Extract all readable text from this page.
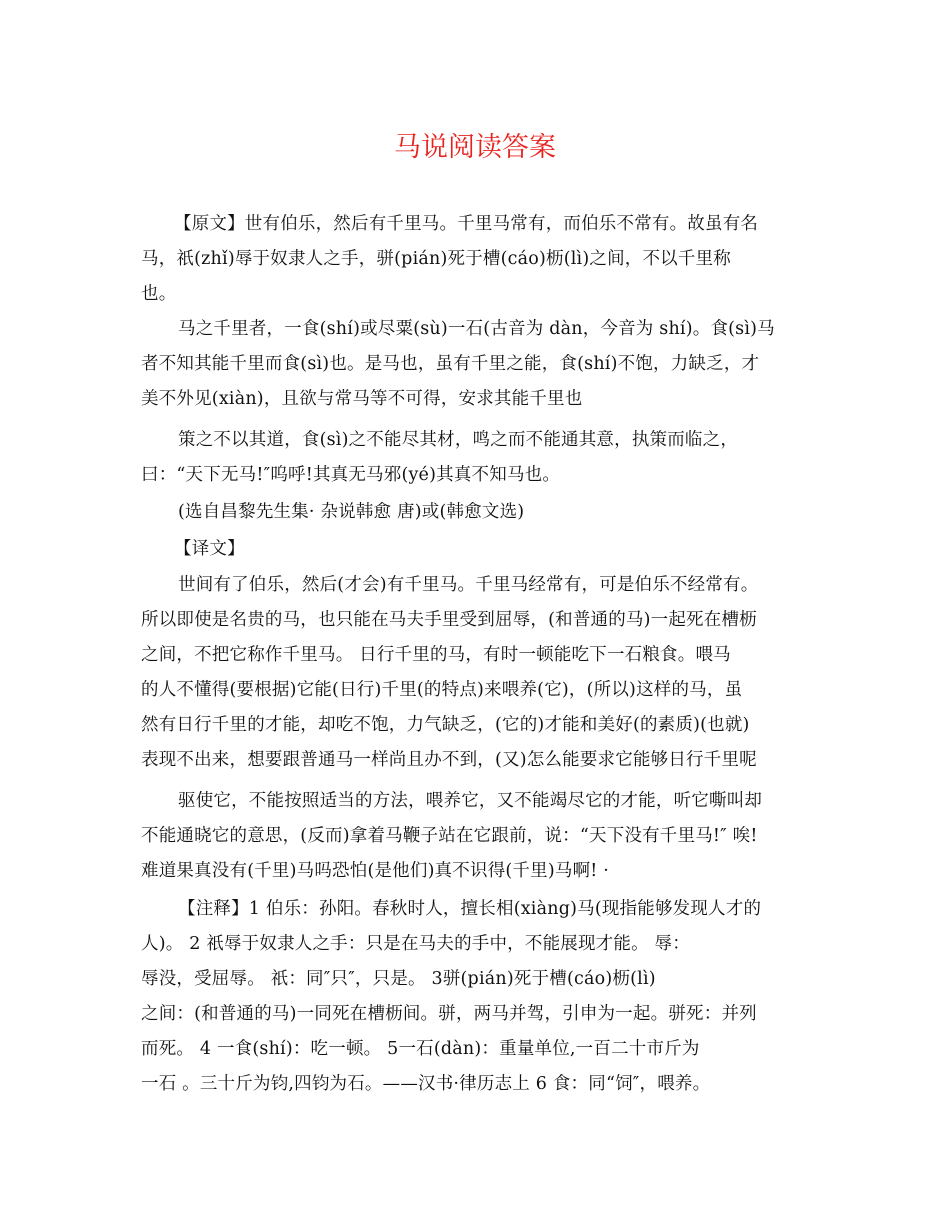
马说阅读答案
【原文】世有伯乐，然后有千里马。千里马常有，而伯乐不常有。故虽有名
马，祇(zhǐ)辱于奴隶人之手，骈(pián)死于槽(cáo)枥(lì)之间，不以千里称
也。
马之千里者，一食(shí)或尽粟(sù)一石(古音为 dàn，今音为 shí)。食(sì)马
者不知其能千里而食(sì)也。是马也，虽有千里之能，食(shí)不饱，力缺乏，才
美不外见(xiàn)，且欲与常马等不可得，安求其能千里也
策之不以其道，食(sì)之不能尽其材，鸣之而不能通其意，执策而临之，
曰：“天下无马!″呜呼!其真无马邪(yé)其真不知马也。
(选自昌黎先生集· 杂说韩愈 唐)或(韩愈文选)
【译文】
世间有了伯乐，然后(才会)有千里马。千里马经常有，可是伯乐不经常有。
所以即使是名贵的马，也只能在马夫手里受到屈辱，(和普通的马)一起死在槽枥
之间，不把它称作千里马。 日行千里的马，有时一顿能吃下一石粮食。喂马
的人不懂得(要根据)它能(日行)千里(的特点)来喂养(它)，(所以)这样的马，虽
然有日行千里的才能，却吃不饱，力气缺乏，(它的)才能和美好(的素质)(也就)
表现不出来，想要跟普通马一样尚且办不到，(又)怎么能要求它能够日行千里呢
驱使它，不能按照适当的方法，喂养它，又不能竭尽它的才能，听它嘶叫却
不能通晓它的意思，(反而)拿着马鞭子站在它跟前，说：“天下没有千里马!″ 唉!
难道果真没有(千里)马吗恐怕(是他们)真不识得(千里)马啊! ·
【注释】1 伯乐：孙阳。春秋时人，擅长相(xiàng)马(现指能够发现人才的
人)。 2 祇辱于奴隶人之手：只是在马夫的手中，不能展现才能。 辱：
辱没，受屈辱。 祇：同″只″，只是。 3骈(pián)死于槽(cáo)枥(lì)
之间：(和普通的马)一同死在槽枥间。骈，两马并驾，引申为一起。骈死：并列
而死。 4 一食(shí)：吃一顿。 5一石(dàn)：重量单位,一百二十市斤为
一石 。三十斤为钧,四钧为石。——汉书·律历志上 6 食：同“饲″，喂养。
